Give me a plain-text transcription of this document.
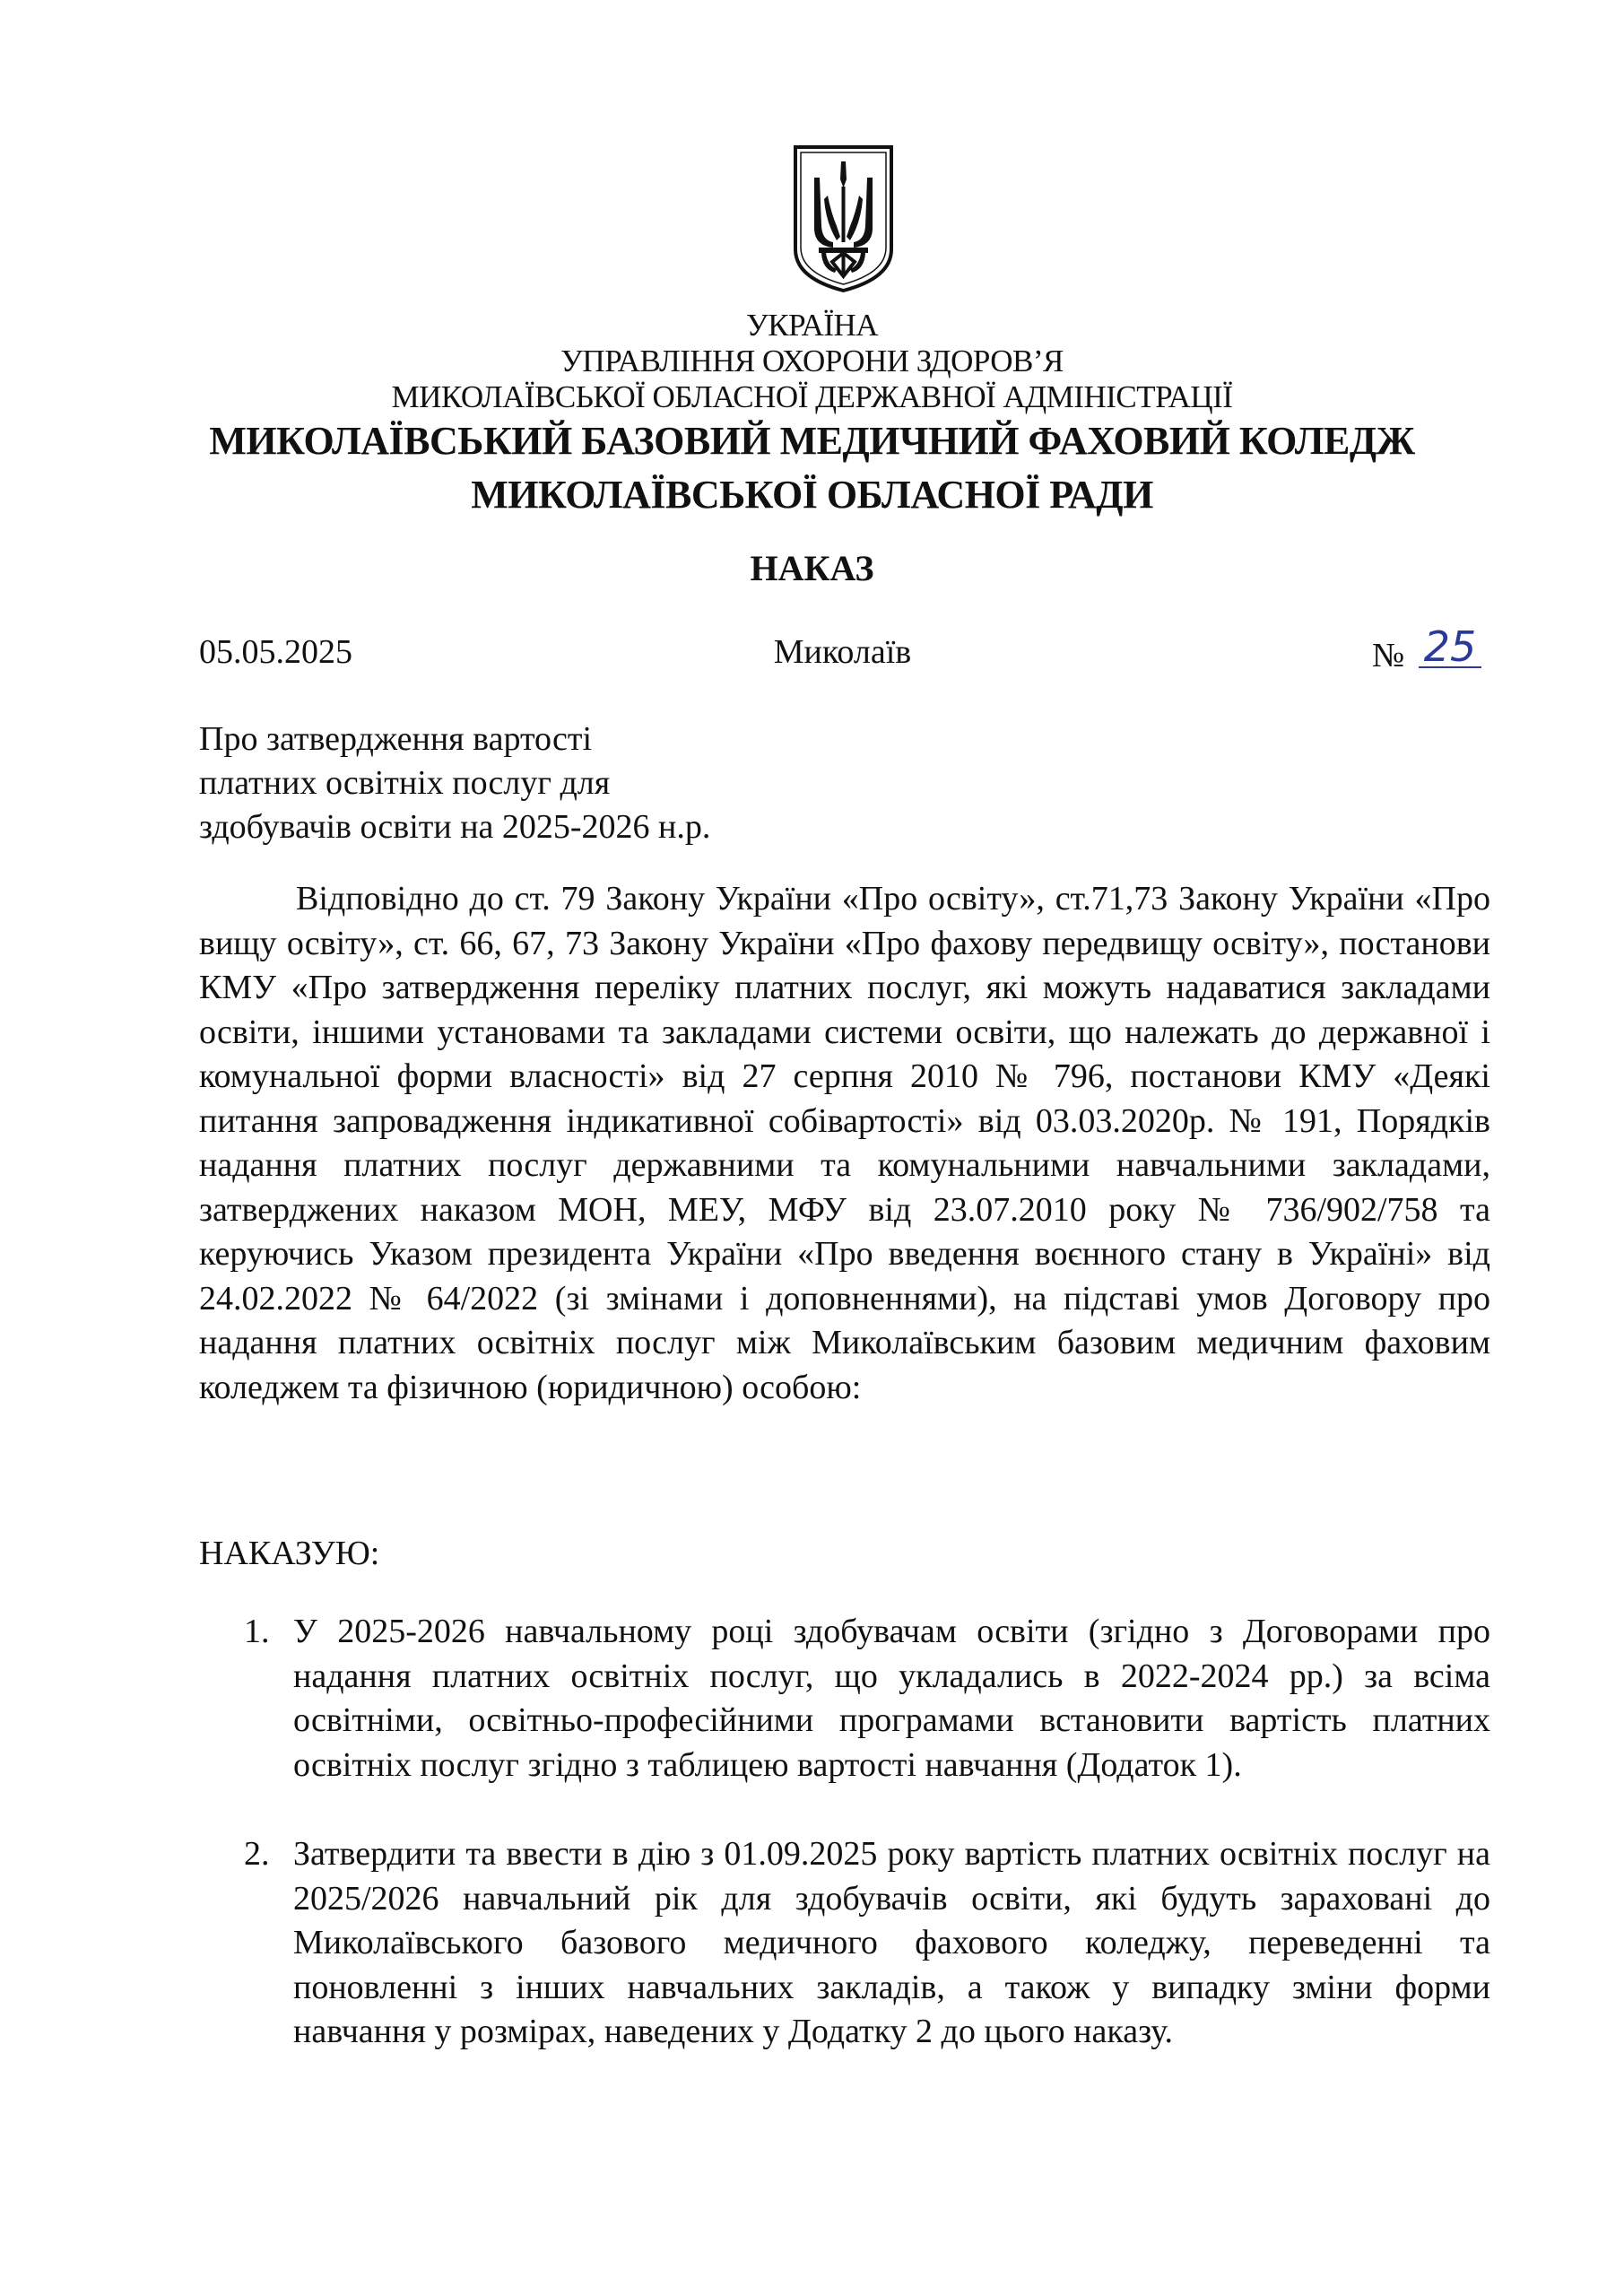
УКРАЇНА
УПРАВЛІННЯ ОХОРОНИ ЗДОРОВ’Я
МИКОЛАЇВСЬКОЇ ОБЛАСНОЇ ДЕРЖАВНОЇ АДМІНІСТРАЦІЇ
МИКОЛАЇВСЬКИЙ БАЗОВИЙ МЕДИЧНИЙ ФАХОВИЙ КОЛЕДЖ
МИКОЛАЇВСЬКОЇ ОБЛАСНОЇ РАДИ
НАКАЗ
05.05.2025	Миколаїв	№ 25
Про затвердження вартості
платних освітніх послуг для
здобувачів освіти на 2025-2026 н.р.

Відповідно до ст. 79 Закону України «Про освіту», ст.71,73 Закону України «Про вищу освіту», ст. 66, 67, 73 Закону України «Про фахову передвищу освіту», постанови КМУ «Про затвердження переліку платних послуг, які можуть надаватися закладами освіти, іншими установами та закладами системи освіти, що належать до державної і комунальної форми власності» від 27 серпня 2010 № 796, постанови КМУ «Деякі питання запровадження індикативної собівартості» від 03.03.2020р. № 191, Порядків надання платних послуг державними та комунальними навчальними закладами, затверджених наказом МОН, МЕУ, МФУ від 23.07.2010 року № 736/902/758 та керуючись Указом президента України «Про введення воєнного стану в Україні» від 24.02.2022 № 64/2022 (зі змінами і доповненнями), на підставі умов Договору про надання платних освітніх послуг між Миколаївським базовим медичним фаховим коледжем та фізичною (юридичною) особою:

НАКАЗУЮ:
1. У 2025-2026 навчальному році здобувачам освіти (згідно з Договорами про надання платних освітніх послуг, що укладались в 2022-2024 рр.) за всіма освітніми, освітньо-професійними програмами встановити вартість платних освітніх послуг згідно з таблицею вартості навчання (Додаток 1).
2. Затвердити та ввести в дію з 01.09.2025 року вартість платних освітніх послуг на 2025/2026 навчальний рік для здобувачів освіти, які будуть зараховані до Миколаївського базового медичного фахового коледжу, переведенні та поновленні з інших навчальних закладів, а також у випадку зміни форми навчання у розмірах, наведених у Додатку 2 до цього наказу.
